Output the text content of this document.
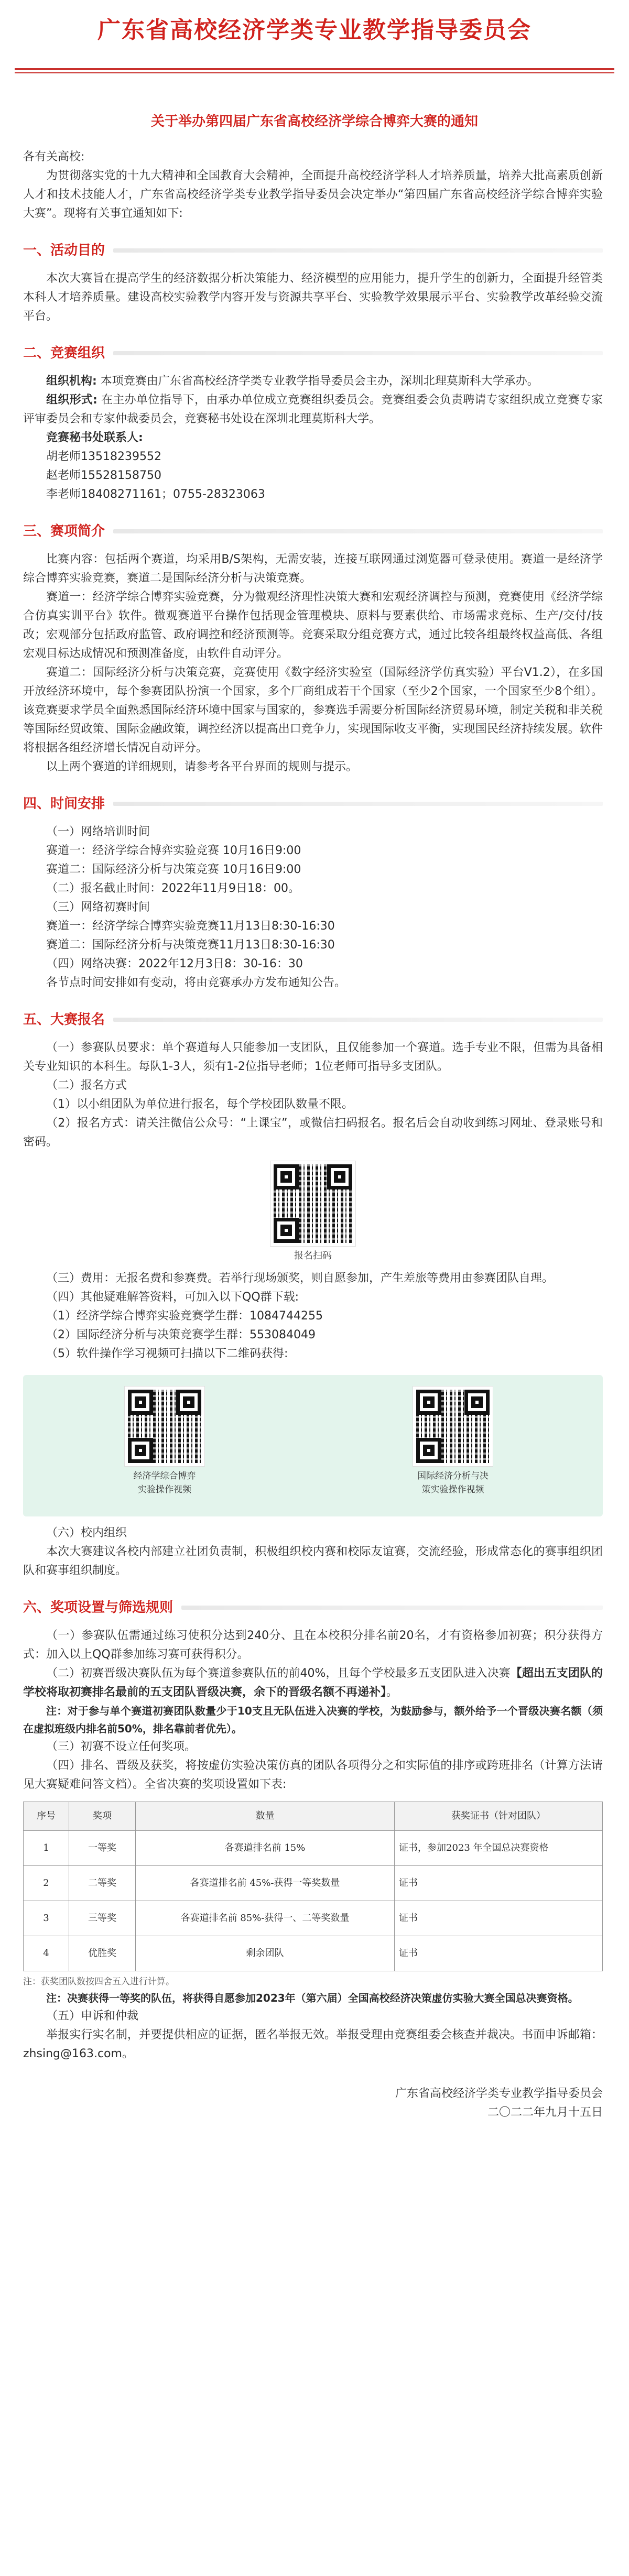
广东省高校经济学类专业教学指导委员会
关于举办第四届广东省高校经济学综合博弈大赛的通知

各有关高校:

为贯彻落实党的十九大精神和全国教育大会精神，全面提升高校经济学科人才培养质量，培养大批高素质创新人才和技术技能人才，广东省高校经济学类专业教学指导委员会决定举办“第四届广东省高校经济学综合博弈实验大赛”。现将有关事宜通知如下:

一、活动目的

本次大赛旨在提高学生的经济数据分析决策能力、经济模型的应用能力，提升学生的创新力，全面提升经管类本科人才培养质量。建设高校实验教学内容开发与资源共享平台、实验教学效果展示平台、实验教学改革经验交流平台。

二、竞赛组织

组织机构: 本项竞赛由广东省高校经济学类专业教学指导委员会主办，深圳北理莫斯科大学承办。

组织形式: 在主办单位指导下，由承办单位成立竞赛组织委员会。竞赛组委会负责聘请专家组织成立竞赛专家评审委员会和专家仲裁委员会，竞赛秘书处设在深圳北理莫斯科大学。

竞赛秘书处联系人:

胡老师13518239552

赵老师15528158750

李老师18408271161；0755-28323063

三、赛项简介

比赛内容：包括两个赛道，均采用B/S架构，无需安装，连接互联网通过浏览器可登录使用。赛道一是经济学综合博弈实验竞赛，赛道二是国际经济分析与决策竞赛。

赛道一：经济学综合博弈实验竞赛，分为微观经济理性决策大赛和宏观经济调控与预测，竞赛使用《经济学综合仿真实训平台》软件。微观赛道平台操作包括现金管理模块、原料与要素供给、市场需求竞标、生产/交付/技改；宏观部分包括政府监管、政府调控和经济预测等。竞赛采取分组竞赛方式，通过比较各组最终权益高低、各组宏观目标达成情况和预测准备度，由软件自动评分。

赛道二：国际经济分析与决策竞赛，竞赛使用《数字经济实验室（国际经济学仿真实验）平台V1.2），在多国开放经济环境中，每个参赛团队扮演一个国家，多个厂商组成若干个国家（至少2个国家，一个国家至少8个组）。该竞赛要求学员全面熟悉国际经济环境中国家与国家的，参赛选手需要分析国际经济贸易环境，制定关税和非关税等国际经贸政策、国际金融政策，调控经济以提高出口竞争力，实现国际收支平衡，实现国民经济持续发展。软件将根据各组经济增长情况自动评分。

以上两个赛道的详细规则，请参考各平台界面的规则与提示。

四、时间安排

（一）网络培训时间

赛道一：经济学综合博弈实验竞赛 10月16日9:00

赛道二：国际经济分析与决策竞赛 10月16日9:00

（二）报名截止时间：2022年11月9日18：00。

（三）网络初赛时间

赛道一：经济学综合博弈实验竞赛11月13日8:30-16:30

赛道二：国际经济分析与决策竞赛11月13日8:30-16:30

（四）网络决赛：2022年12月3日8：30-16：30

各节点时间安排如有变动，将由竞赛承办方发布通知公告。

五、大赛报名

（一）参赛队员要求：单个赛道每人只能参加一支团队，且仅能参加一个赛道。选手专业不限，但需为具备相关专业知识的本科生。每队1-3人，须有1-2位指导老师；1位老师可指导多支团队。

（二）报名方式

（1）以小组团队为单位进行报名，每个学校团队数量不限。

（2）报名方式：请关注微信公众号：“上课宝”，或微信扫码报名。报名后会自动收到练习网址、登录账号和密码。

报名扫码

（三）费用：无报名费和参赛费。若举行现场颁奖，则自愿参加，产生差旅等费用由参赛团队自理。

（四）其他疑难解答资料，可加入以下QQ群下载:

（1）经济学综合博弈实验竞赛学生群：1084744255

（2）国际经济分析与决策竞赛学生群：553084049

（5）软件操作学习视频可扫描以下二维码获得:

经济学综合博弈
实验操作视频
国际经济分析与决
策实验操作视频

（六）校内组织

本次大赛建议各校内部建立社团负责制，积极组织校内赛和校际友谊赛，交流经验，形成常态化的赛事组织团队和赛事组织制度。

六、奖项设置与筛选规则

（一）参赛队伍需通过练习使积分达到240分、且在本校积分排名前20名，才有资格参加初赛；积分获得方式：加入以上QQ群参加练习赛可获得积分。

（二）初赛晋级决赛队伍为每个赛道参赛队伍的前40%，且每个学校最多五支团队进入决赛【超出五支团队的学校将取初赛排名最前的五支团队晋级决赛，余下的晋级名额不再递补】。

注：对于参与单个赛道初赛团队数量少于10支且无队伍进入决赛的学校，为鼓励参与，额外给予一个晋级决赛名额（须在虚拟班级内排名前50%，排名靠前者优先）。

（三）初赛不设立任何奖项。

（四）排名、晋级及获奖，将按虚仿实验决策仿真的团队各项得分之和实际值的排序或跨班排名（计算方法请见大赛疑难问答文档）。全省决赛的奖项设置如下表:

序号	奖项	数量	获奖证书（针对团队）
1	一等奖	各赛道排名前 15%	证书，参加2023 年全国总决赛资格
2	二等奖	各赛道排名前 45%-获得一等奖数量	证书
3	三等奖	各赛道排名前 85%-获得一、二等奖数量	证书
4	优胜奖	剩余团队	证书

注：获奖团队数按四舍五入进行计算。

注：决赛获得一等奖的队伍，将获得自愿参加2023年（第六届）全国高校经济决策虚仿实验大赛全国总决赛资格。

（五）申诉和仲裁

举报实行实名制，并要提供相应的证据，匿名举报无效。举报受理由竞赛组委会核查并裁决。书面申诉邮箱：zhsing@163.com。

广东省高校经济学类专业教学指导委员会
二〇二二年九月十五日
